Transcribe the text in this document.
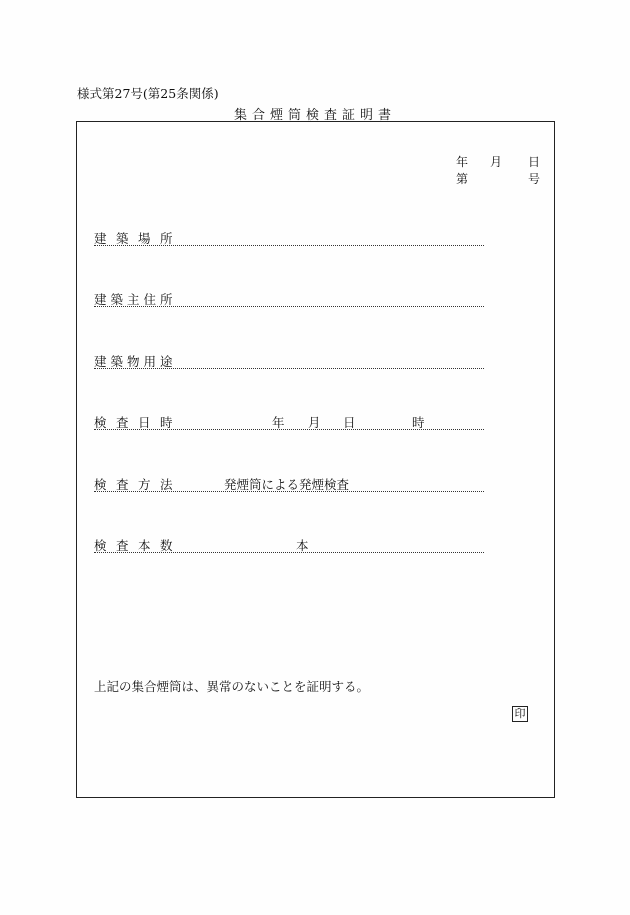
様式第27号(第25条関係)
集合煙筒検査証明書
年 月 日
第	号
建築場所
建築主住所
建築物用途
検査日時	年 月 日	時
検査方法	発煙筒による発煙検査
検査本数	本
上記の集合煙筒は、異常のないことを証明する。
印
